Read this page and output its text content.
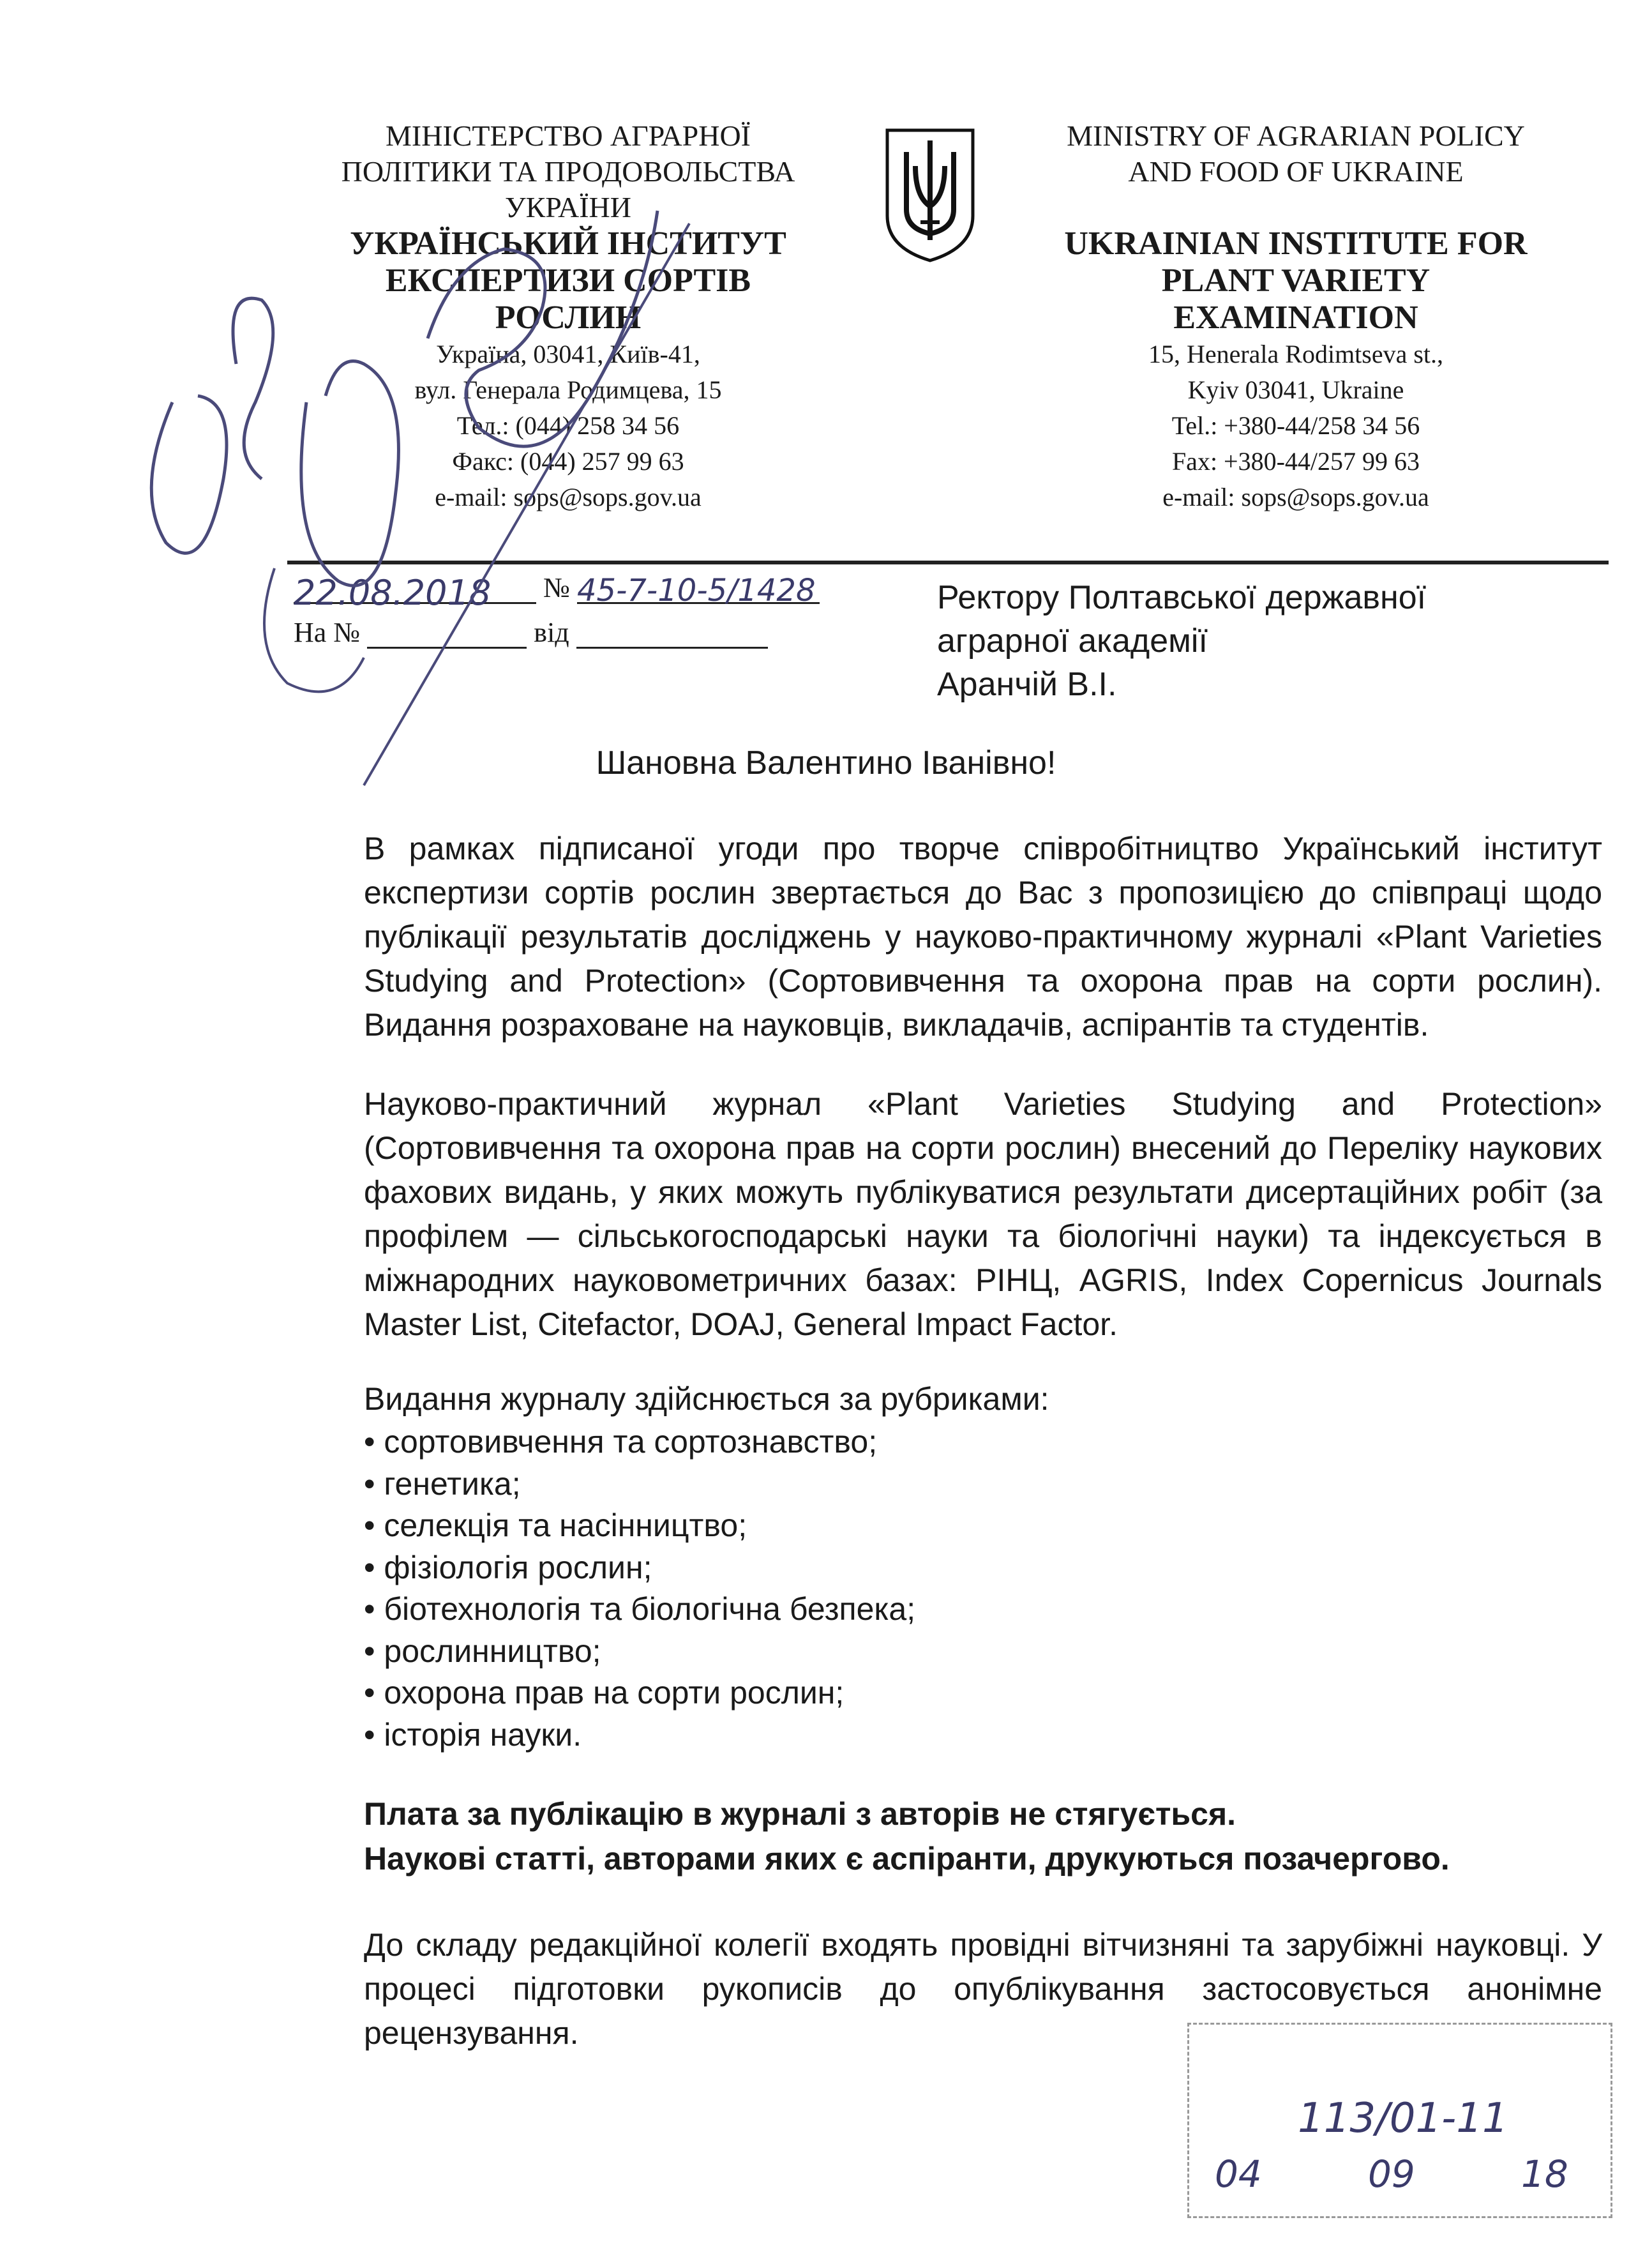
МІНІСТЕРСТВО АГРАРНОЇ
ПОЛІТИКИ ТА ПРОДОВОЛЬСТВА
УКРАЇНИ
УКРАЇНСЬКИЙ ІНСТИТУТ
ЕКСПЕРТИЗИ СОРТІВ
РОСЛИН
Україна, 03041, Київ-41,
вул. Генерала Родимцева, 15
Тел.: (044) 258 34 56
Факс: (044) 257 99 63
e-mail: sops@sops.gov.ua
MINISTRY OF AGRARIAN POLICY
AND FOOD OF UKRAINE
UKRAINIAN INSTITUTE FOR
PLANT VARIETY
EXAMINATION
15, Henerala Rodimtseva st.,
Kyiv 03041, Ukraine
Tel.: +380-44/258 34 56
Fax: +380-44/257 99 63
e-mail: sops@sops.gov.ua
22.08.2018 № 45-7-10-5/1428
На №	від
Ректору Полтавської державної
аграрної академії
Аранчій В.І.
Шановна Валентино Іванівно!
В рамках підписаної угоди про творче співробітництво Український інститут експертизи сортів рослин звертається до Вас з пропозицією до співпраці щодо публікації результатів досліджень у науково-практичному журналі «Plant Varieties Studying and Protection» (Сортовивчення та охорона прав на сорти рослин). Видання розраховане на науковців, викладачів, аспірантів та студентів.
Науково-практичний журнал «Plant Varieties Studying and Protection» (Сортовивчення та охорона прав на сорти рослин) внесений до Переліку наукових фахових видань, у яких можуть публікуватися результати дисертаційних робіт (за профілем — сільськогосподарські науки та біологічні науки) та індексується в міжнародних науковометричних базах: РІНЦ, AGRIS, Index Copernicus Journals Master List, Citefactor, DOAJ, General Impact Factor.
Видання журналу здійснюється за рубриками:
• сортовивчення та сортознавство;
• генетика;
• селекція та насінництво;
• фізіологія рослин;
• біотехнологія та біологічна безпека;
• рослинництво;
• охорона прав на сорти рослин;
• історія науки.
Плата за публікацію в журналі з авторів не стягується.
Наукові статті, авторами яких є аспіранти, друкуються позачергово.
До складу редакційної колегії входять провідні вітчизняні та зарубіжні науковці. У процесі підготовки рукописів до опублікування застосовується анонімне рецензування.
113/01-11
04	09	18
